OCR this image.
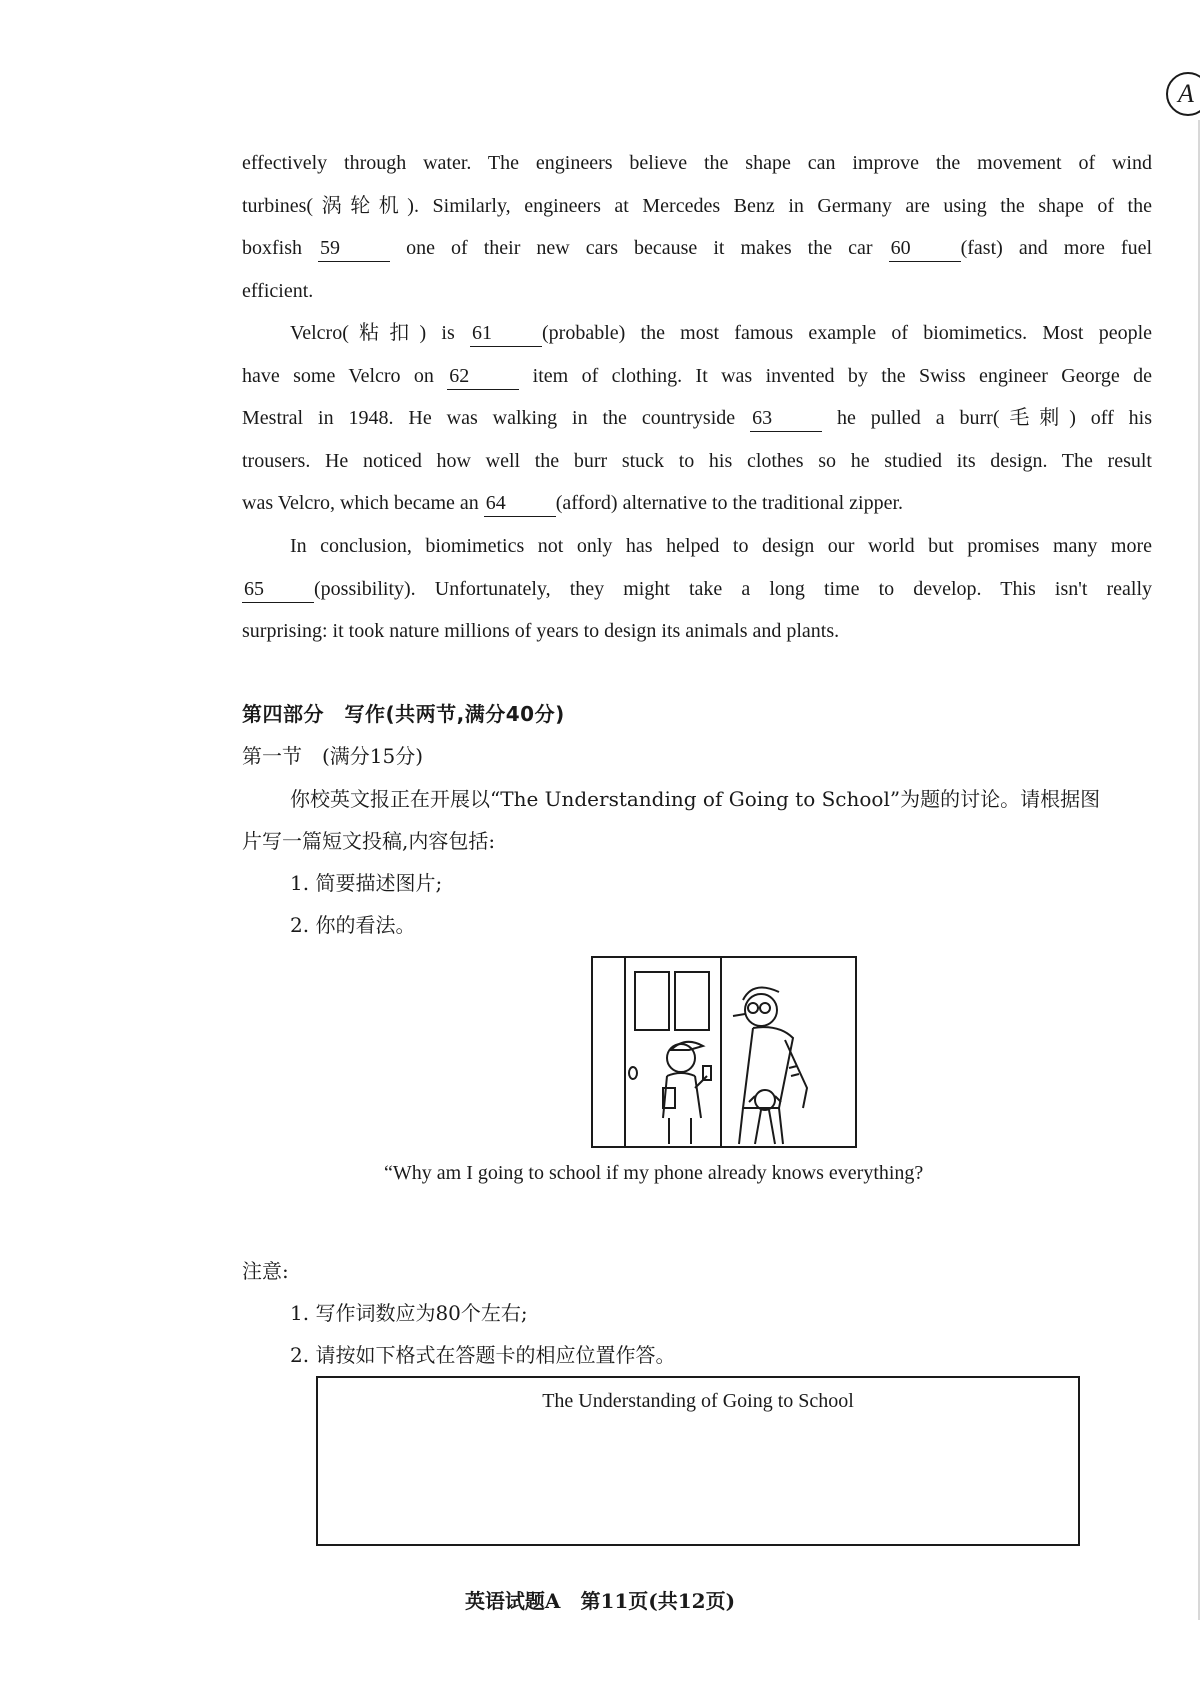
A
effectively through water. The engineers believe the shape can improve the movement of wind
turbines(涡轮机). Similarly, engineers at Mercedes Benz in Germany are using the shape of the
boxfish 59	one of their new cars because it makes the car 60	(fast) and more fuel
efficient.
Velcro(粘扣) is 61	(probable) the most famous example of biomimetics. Most people
have some Velcro on 62	item of clothing. It was invented by the Swiss engineer George de
Mestral in 1948. He was walking in the countryside 63	he pulled a burr(毛刺) off his
trousers. He noticed how well the burr stuck to his clothes so he studied its design. The result
was Velcro, which became an 64	(afford) alternative to the traditional zipper.
In conclusion, biomimetics not only has helped to design our world but promises many more
65	(possibility). Unfortunately, they might take a long time to develop. This isn't really
surprising: it took nature millions of years to design its animals and plants.
第四部分　写作(共两节,满分40分)
第一节　(满分15分)
你校英文报正在开展以“The Understanding of Going to School”为题的讨论。请根据图
片写一篇短文投稿,内容包括:
1. 简要描述图片;
2. 你的看法。
“Why am I going to school if my phone already knows everything?
注意:
1. 写作词数应为80个左右;
2. 请按如下格式在答题卡的相应位置作答。
The Understanding of Going to School
英语试题A　第11页(共12页)
